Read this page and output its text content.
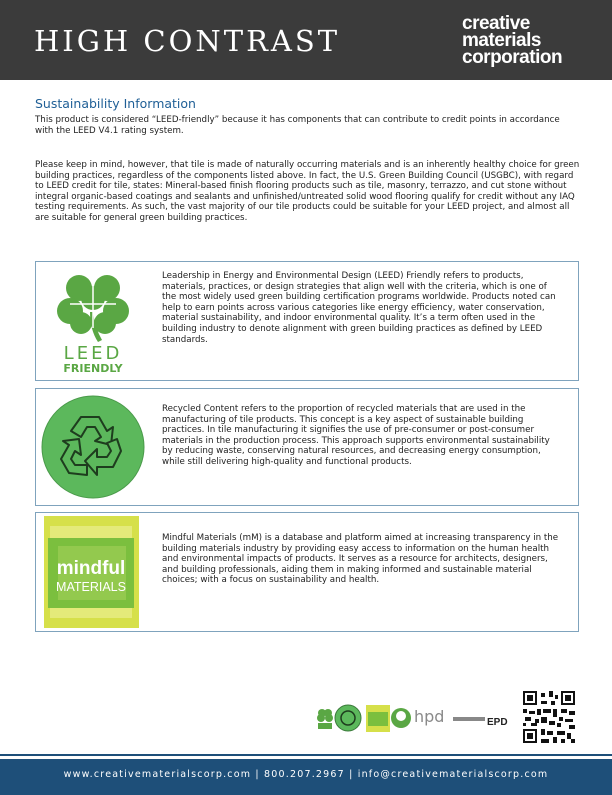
HIGH CONTRAST
creative
materials
corporation
Sustainability Information

This product is considered “LEED-friendly” because it has components that can contribute to credit points in accordance with the LEED V4.1 rating system.

Please keep in mind, however, that tile is made of naturally occurring materials and is an inherently healthy choice for green building practices, regardless of the components listed above. In fact, the U.S. Green Building Council (USGBC), with regard to LEED credit for tile, states: Mineral-based finish flooring products such as tile, masonry, terrazzo, and cut stone without integral organic-based coatings and sealants and unfinished/untreated solid wood flooring qualify for credit without any IAQ testing requirements. As such, the vast majority of our tile products could be suitable for your LEED project, and almost all are suitable for general green building practices.

LEED
FRIENDLY

Leadership in Energy and Environmental Design (LEED) Friendly refers to products, materials, practices, or design strategies that align well with the criteria, which is one of the most widely used green building certification programs worldwide. Products noted can help to earn points across various categories like energy efficiency, water conservation, material sustainability, and indoor environmental quality. It’s a term often used in the building industry to denote alignment with green building practices as defined by LEED standards.

Recycled Content refers to the proportion of recycled materials that are used in the manufacturing of tile products. This concept is a key aspect of sustainable building practices. In tile manufacturing it signifies the use of pre-consumer or post-consumer materials in the production process. This approach supports environmental sustainability by reducing waste, conserving natural resources, and decreasing energy consumption, while still delivering high-quality and functional products.

mindful
MATERIALS

Mindful Materials (mM) is a database and platform aimed at increasing transparency in the building materials industry by providing easy access to information on the human health and environmental impacts of products. It serves as a resource for architects, designers, and building professionals, aiding them in making informed and sustainable material choices; with a focus on sustainability and health.

hpd	EPD
www.creativematerialscorp.com | 800.207.2967 | info@creativematerialscorp.com
